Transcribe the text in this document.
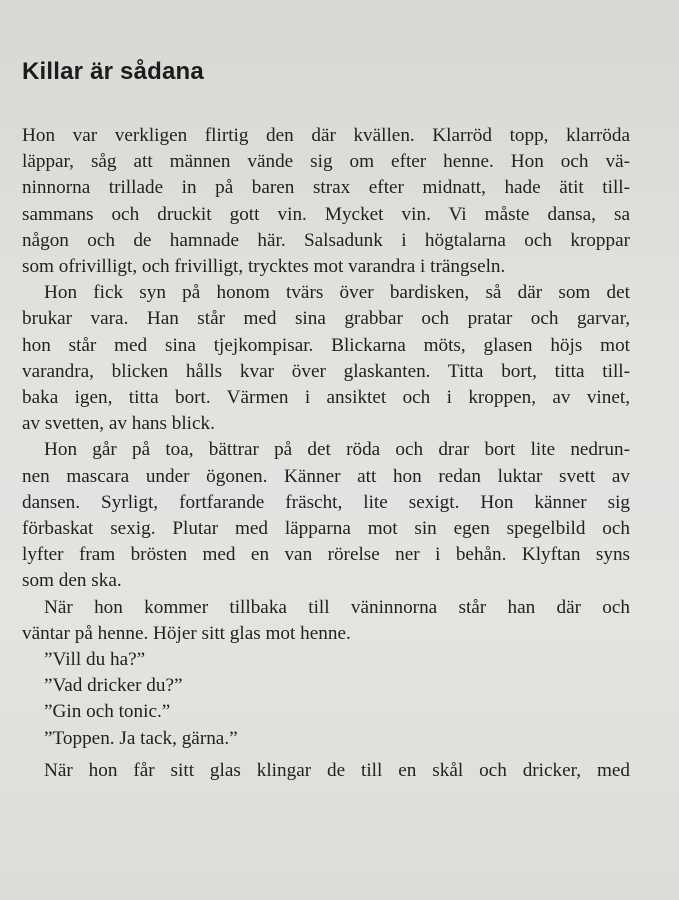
Killar är sådana

Hon var verkligen flirtig den där kvällen. Klarröd topp, klarröda

läppar, såg att männen vände sig om efter henne. Hon och vä-

ninnorna trillade in på baren strax efter midnatt, hade ätit till-

sammans och druckit gott vin. Mycket vin. Vi måste dansa, sa

någon och de hamnade här. Salsadunk i högtalarna och kroppar

som ofrivilligt, och frivilligt, trycktes mot varandra i trängseln.

Hon fick syn på honom tvärs över bardisken, så där som det

brukar vara. Han står med sina grabbar och pratar och garvar,

hon står med sina tjejkompisar. Blickarna möts, glasen höjs mot

varandra, blicken hålls kvar över glaskanten. Titta bort, titta till-

baka igen, titta bort. Värmen i ansiktet och i kroppen, av vinet,

av svetten, av hans blick.

Hon går på toa, bättrar på det röda och drar bort lite nedrun-

nen mascara under ögonen. Känner att hon redan luktar svett av

dansen. Syrligt, fortfarande fräscht, lite sexigt. Hon känner sig

förbaskat sexig. Plutar med läpparna mot sin egen spegelbild och

lyfter fram brösten med en van rörelse ner i behån. Klyftan syns

som den ska.

När hon kommer tillbaka till väninnorna står han där och

väntar på henne. Höjer sitt glas mot henne.

”Vill du ha?”

”Vad dricker du?”

”Gin och tonic.”

”Toppen. Ja tack, gärna.”

När hon får sitt glas klingar de till en skål och dricker, med
